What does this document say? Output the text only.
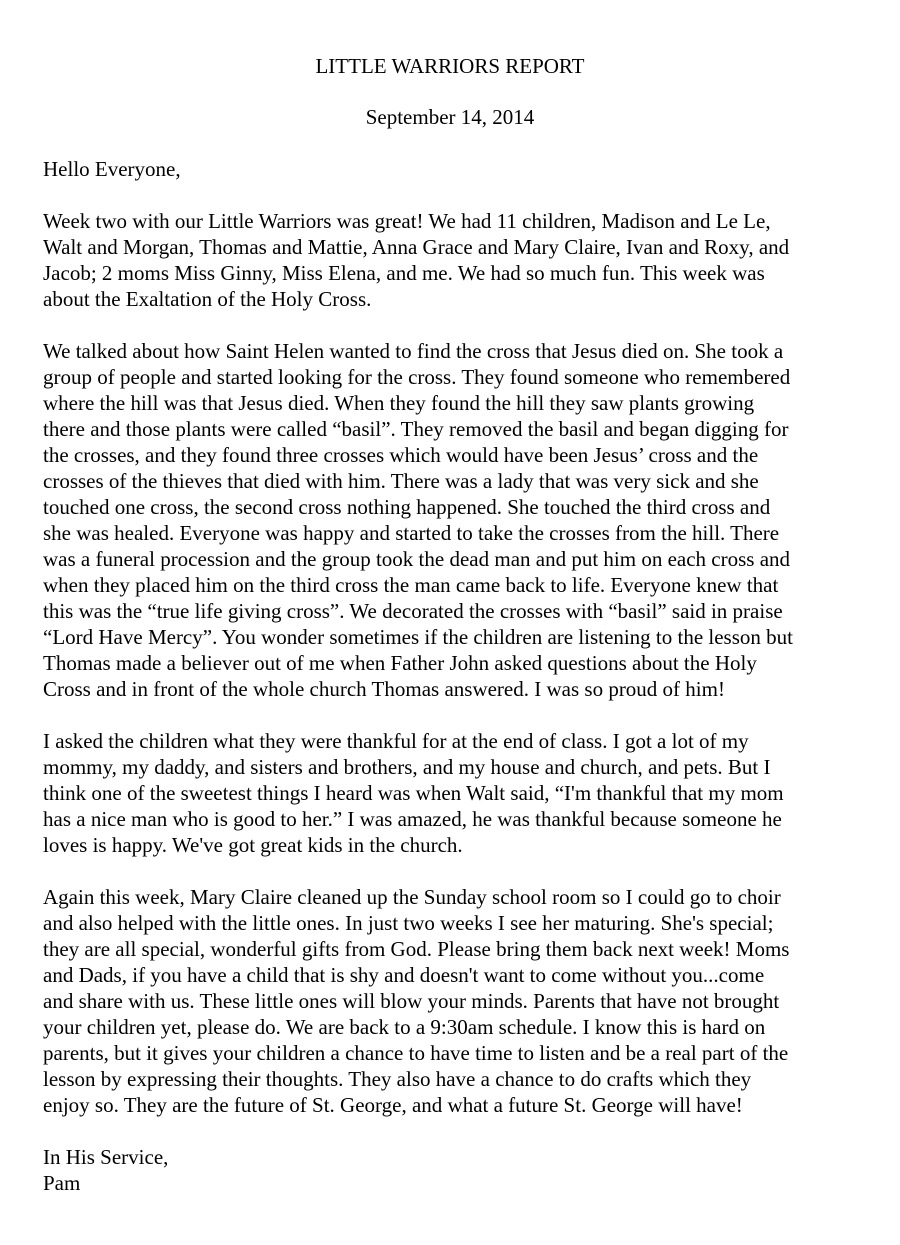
LITTLE WARRIORS REPORT

September 14, 2014

Hello Everyone,

Week two with our Little Warriors was great! We had 11 children, Madison and Le Le,
Walt and Morgan, Thomas and Mattie, Anna Grace and Mary Claire, Ivan and Roxy, and
Jacob; 2 moms Miss Ginny, Miss Elena, and me. We had so much fun. This week was
about the Exaltation of the Holy Cross.

We talked about how Saint Helen wanted to find the cross that Jesus died on. She took a
group of people and started looking for the cross. They found someone who remembered
where the hill was that Jesus died. When they found the hill they saw plants growing
there and those plants were called “basil”. They removed the basil and began digging for
the crosses, and they found three crosses which would have been Jesus’ cross and the
crosses of the thieves that died with him. There was a lady that was very sick and she
touched one cross, the second cross nothing happened. She touched the third cross and
she was healed. Everyone was happy and started to take the crosses from the hill. There
was a funeral procession and the group took the dead man and put him on each cross and
when they placed him on the third cross the man came back to life. Everyone knew that
this was the “true life giving cross”. We decorated the crosses with “basil” said in praise
“Lord Have Mercy”. You wonder sometimes if the children are listening to the lesson but
Thomas made a believer out of me when Father John asked questions about the Holy
Cross and in front of the whole church Thomas answered. I was so proud of him!

I asked the children what they were thankful for at the end of class. I got a lot of my
mommy, my daddy, and sisters and brothers, and my house and church, and pets. But I
think one of the sweetest things I heard was when Walt said, “I'm thankful that my mom
has a nice man who is good to her.” I was amazed, he was thankful because someone he
loves is happy. We've got great kids in the church.

Again this week, Mary Claire cleaned up the Sunday school room so I could go to choir
and also helped with the little ones. In just two weeks I see her maturing. She's special;
they are all special, wonderful gifts from God. Please bring them back next week! Moms
and Dads, if you have a child that is shy and doesn't want to come without you...come
and share with us. These little ones will blow your minds. Parents that have not brought
your children yet, please do. We are back to a 9:30am schedule. I know this is hard on
parents, but it gives your children a chance to have time to listen and be a real part of the
lesson by expressing their thoughts. They also have a chance to do crafts which they
enjoy so. They are the future of St. George, and what a future St. George will have!

In His Service,
Pam
